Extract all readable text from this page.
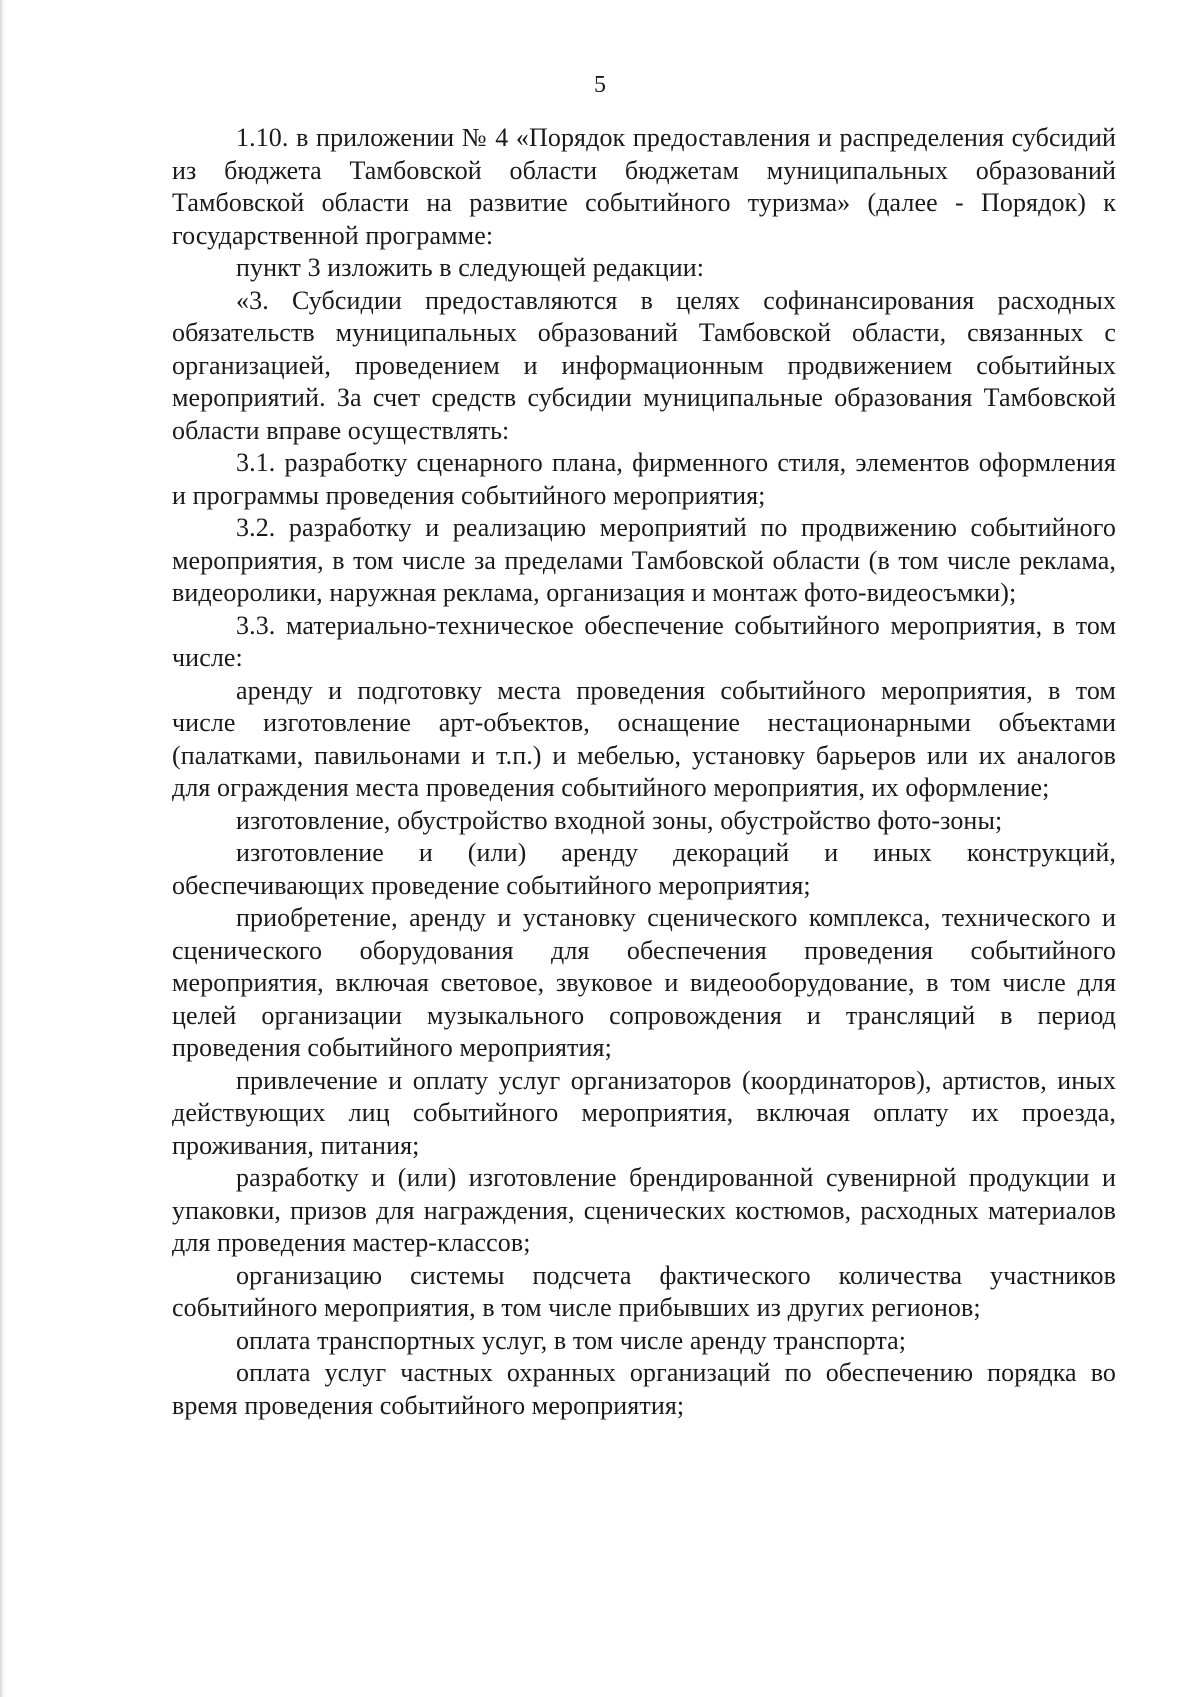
5

1.10. в приложении № 4 «Порядок предоставления и распределения субсидий из бюджета Тамбовской области бюджетам муниципальных образований Тамбовской области на развитие событийного туризма» (далее - Порядок) к государственной программе:

пункт 3 изложить в следующей редакции:

«3. Субсидии предоставляются в целях софинансирования расходных обязательств муниципальных образований Тамбовской области, связанных с организацией, проведением и информационным продвижением событийных мероприятий. За счет средств субсидии муниципальные образования Тамбовской области вправе осуществлять:

3.1. разработку сценарного плана, фирменного стиля, элементов оформления и программы проведения событийного мероприятия;

3.2. разработку и реализацию мероприятий по продвижению событийного мероприятия, в том числе за пределами Тамбовской области (в том числе реклама, видеоролики, наружная реклама, организация и монтаж фото-видеосъмки);

3.3. материально-техническое обеспечение событийного мероприятия, в том числе:

аренду и подготовку места проведения событийного мероприятия, в том числе изготовление арт-объектов, оснащение нестационарными объектами (палатками, павильонами и т.п.) и мебелью, установку барьеров или их аналогов для ограждения места проведения событийного мероприятия, их оформление;

изготовление, обустройство входной зоны, обустройство фото-зоны;

изготовление и (или) аренду декораций и иных конструкций, обеспечивающих проведение событийного мероприятия;

приобретение, аренду и установку сценического комплекса, технического и сценического оборудования для обеспечения проведения событийного мероприятия, включая световое, звуковое и видеооборудование, в том числе для целей организации музыкального сопровождения и трансляций в период проведения событийного мероприятия;

привлечение и оплату услуг организаторов (координаторов), артистов, иных действующих лиц событийного мероприятия, включая оплату их проезда, проживания, питания;

разработку и (или) изготовление брендированной сувенирной продукции и упаковки, призов для награждения, сценических костюмов, расходных материалов для проведения мастер-классов;

организацию системы подсчета фактического количества участников событийного мероприятия, в том числе прибывших из других регионов;

оплата транспортных услуг, в том числе аренду транспорта;

оплата услуг частных охранных организаций по обеспечению порядка во время проведения событийного мероприятия;
